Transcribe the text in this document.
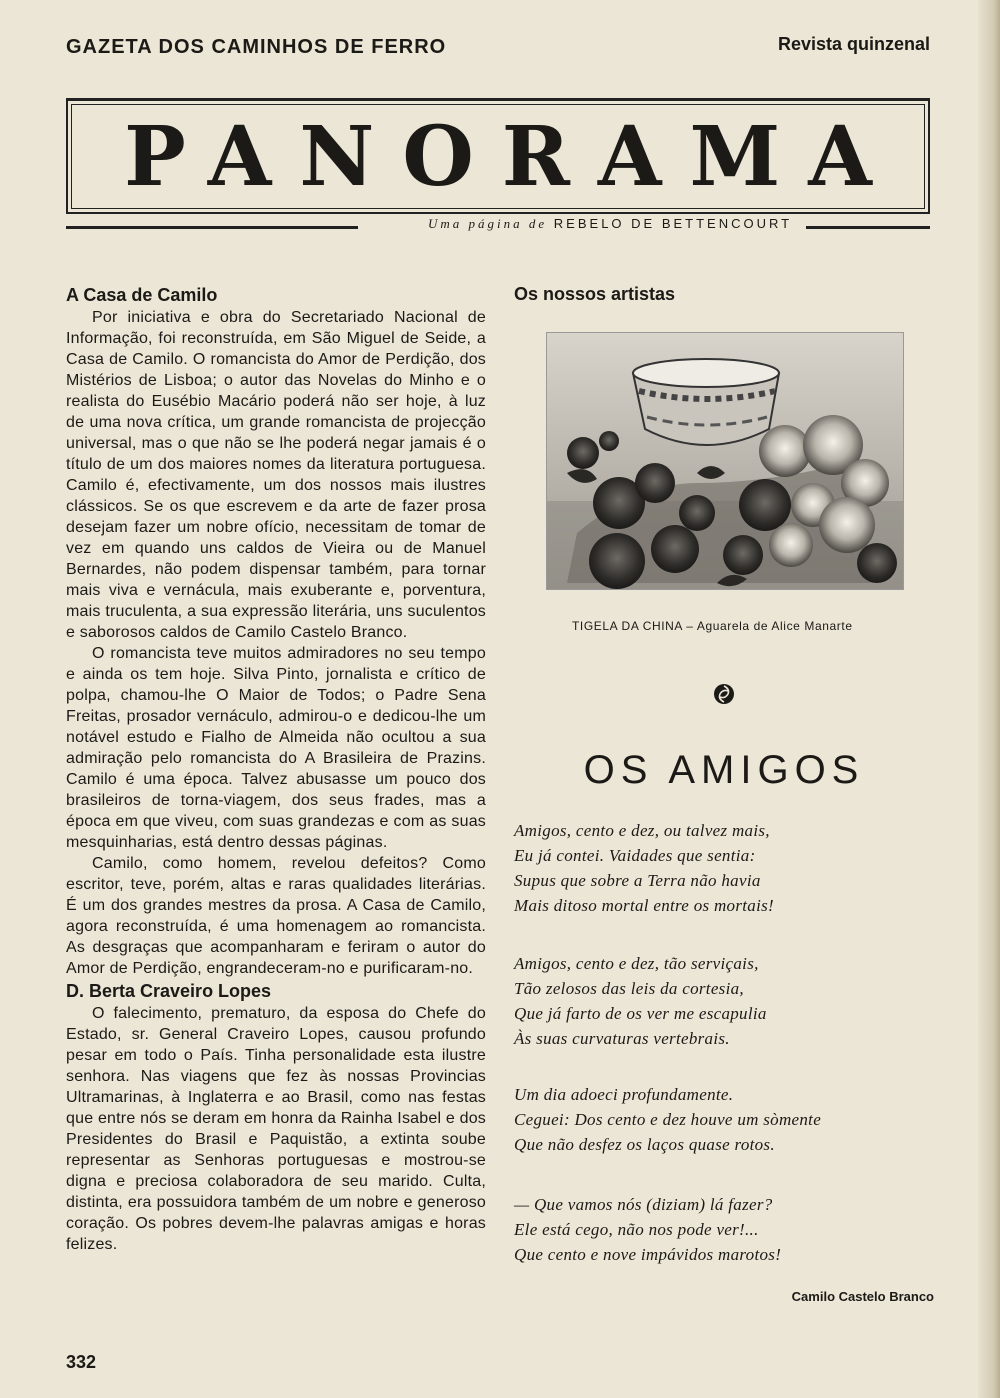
GAZETA DOS CAMINHOS DE FERRO	Revista quinzenal
PANORAMA
Uma página de REBELO DE BETTENCOURT
A Casa de Camilo

Por iniciativa e obra do Secretariado Nacional de Informação, foi reconstruída, em São Miguel de Seide, a Casa de Camilo. O romancista do Amor de Perdição, dos Mistérios de Lisboa; o autor das Novelas do Minho e o realista do Eusébio Macário poderá não ser hoje, à luz de uma nova crítica, um grande romancista de projecção universal, mas o que não se lhe poderá negar jamais é o título de um dos maiores nomes da literatura portuguesa. Camilo é, efectivamente, um dos nossos mais ilustres clássicos. Se os que escrevem e da arte de fazer prosa desejam fazer um nobre ofício, necessitam de tomar de vez em quando uns caldos de Vieira ou de Manuel Bernardes, não podem dispensar também, para tornar mais viva e vernácula, mais exuberante e, porventura, mais truculenta, a sua expressão literária, uns suculentos e saborosos caldos de Camilo Castelo Branco.

O romancista teve muitos admiradores no seu tempo e ainda os tem hoje. Silva Pinto, jornalista e crítico de polpa, chamou-lhe O Maior de Todos; o Padre Sena Freitas, prosador vernáculo, admirou-o e dedicou-lhe um notável estudo e Fialho de Almeida não ocultou a sua admiração pelo romancista do A Brasileira de Prazins. Camilo é uma época. Talvez abusasse um pouco dos brasileiros de torna-viagem, dos seus frades, mas a época em que viveu, com suas grandezas e com as suas mesquinharias, está dentro dessas páginas.

Camilo, como homem, revelou defeitos? Como escritor, teve, porém, altas e raras qualidades literárias. É um dos grandes mestres da prosa. A Casa de Camilo, agora reconstruída, é uma homenagem ao romancista. As desgraças que acompanharam e feriram o autor do Amor de Perdição, engrandeceram-no e purificaram-no.

D. Berta Craveiro Lopes

O falecimento, prematuro, da esposa do Chefe do Estado, sr. General Craveiro Lopes, causou profundo pesar em todo o País. Tinha personalidade esta ilustre senhora. Nas viagens que fez às nossas Provincias Ultramarinas, à Inglaterra e ao Brasil, como nas festas que entre nós se deram em honra da Rainha Isabel e dos Presidentes do Brasil e Paquistão, a extinta soube representar as Senhoras portuguesas e mostrou-se digna e preciosa colaboradora de seu marido. Culta, distinta, era possuidora também de um nobre e generoso coração. Os pobres devem-lhe palavras amigas e horas felizes.

Os nossos artistas
TIGELA DA CHINA – Aguarela de Alice Manarte
OS AMIGOS
Amigos, cento e dez, ou talvez mais,
Eu já contei. Vaidades que sentia:
Supus que sobre a Terra não havia
Mais ditoso mortal entre os mortais!
Amigos, cento e dez, tão serviçais,
Tão zelosos das leis da cortesia,
Que já farto de os ver me escapulia
Às suas curvaturas vertebrais.
Um dia adoeci profundamente.
Ceguei: Dos cento e dez houve um sòmente
Que não desfez os laços quase rotos.
— Que vamos nós (diziam) lá fazer?
Ele está cego, não nos pode ver!...
Que cento e nove impávidos marotos!
Camilo Castelo Branco
332
